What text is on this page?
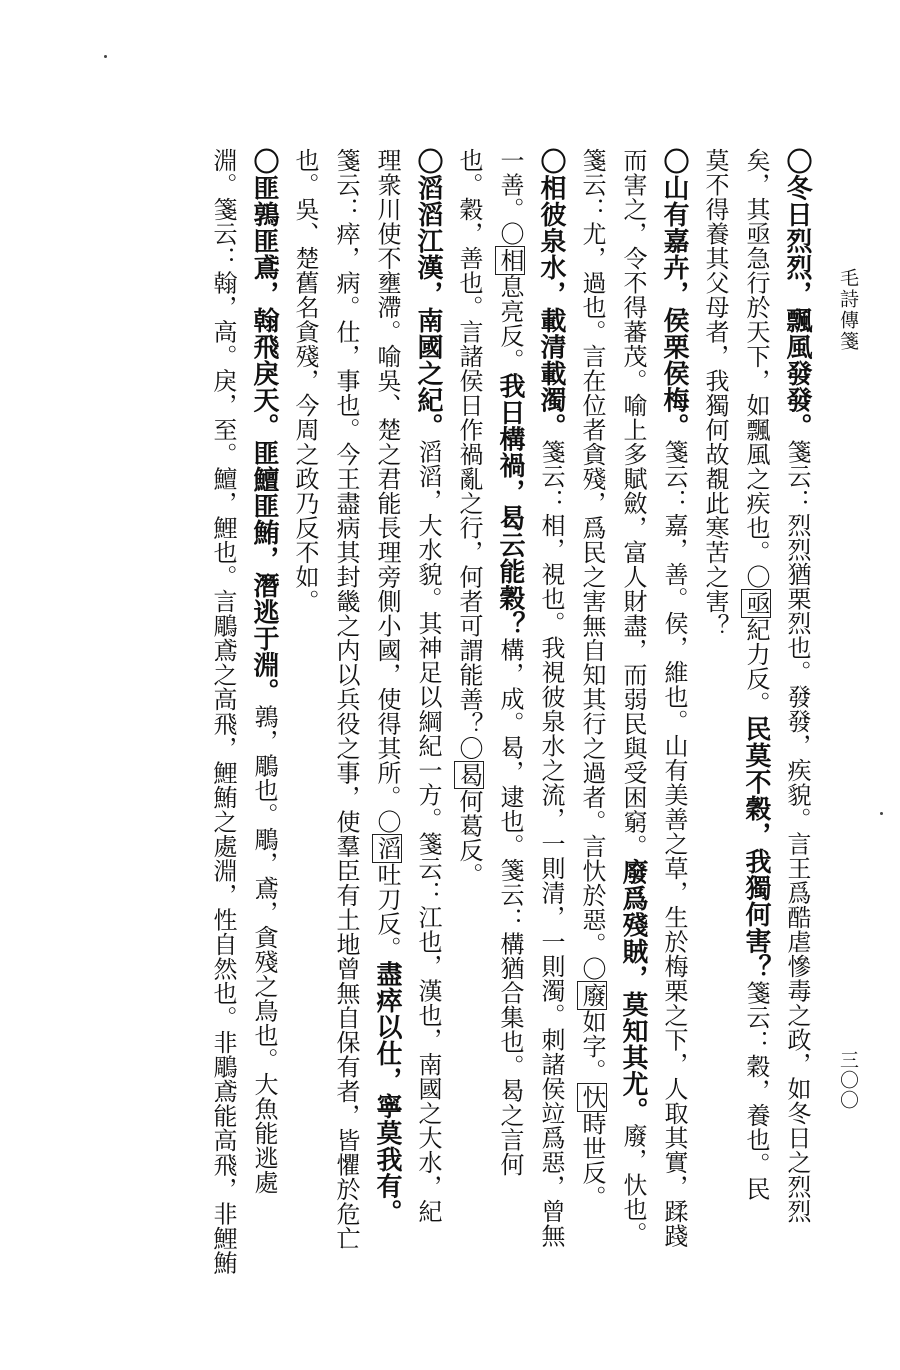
毛詩傳箋
三〇〇
〇冬日烈烈，飄風發發。箋云：烈烈猶栗烈也。發發，疾貌。言王爲酷虐慘毒之政，如冬日之烈烈
矣，其亟急行於天下，如飄風之疾也。〇亟紀力反。民莫不穀，我獨何害？箋云：穀，養也。民
莫不得養其父母者，我獨何故覩此寒苦之害？
〇山有嘉卉，侯栗侯梅。箋云：嘉，善。侯，維也。山有美善之草，生於梅栗之下，人取其實，蹂踐
而害之，令不得蕃茂。喻上多賦斂，富人財盡，而弱民與受困窮。廢爲殘賊，莫知其尤。廢，忕也。
箋云：尤，過也。言在位者貪殘，爲民之害無自知其行之過者。言忕於惡。〇廢如字。忕時世反。
〇相彼泉水，載清載濁。箋云：相，視也。我視彼泉水之流，一則清，一則濁。刺諸侯竝爲惡，曾無
一善。〇相息亮反。我日構禍，曷云能穀？構，成。曷，逮也。箋云：構猶合集也。曷之言何
也。穀，善也。言諸侯日作禍亂之行，何者可謂能善？〇曷何葛反。
〇滔滔江漢，南國之紀。滔滔，大水貌。其神足以綱紀一方。箋云：江也，漢也，南國之大水，紀
理衆川使不壅滯。喻吳、楚之君能長理旁側小國，使得其所。〇滔吐刀反。盡瘁以仕，寧莫我有。
箋云：瘁，病。仕，事也。今王盡病其封畿之内以兵役之事，使羣臣有土地曾無自保有者，皆懼於危亡
也。吳、楚舊名貪殘，今周之政乃反不如。
〇匪鶉匪鳶，翰飛戾天。匪鱣匪鮪，潛逃于淵。鶉，鵰也。鵰，鳶，貪殘之鳥也。大魚能逃處
淵。箋云：翰，高。戾，至。鱣，鯉也。言鵰鳶之高飛，鯉鮪之處淵，性自然也。非鵰鳶能高飛，非鯉鮪
